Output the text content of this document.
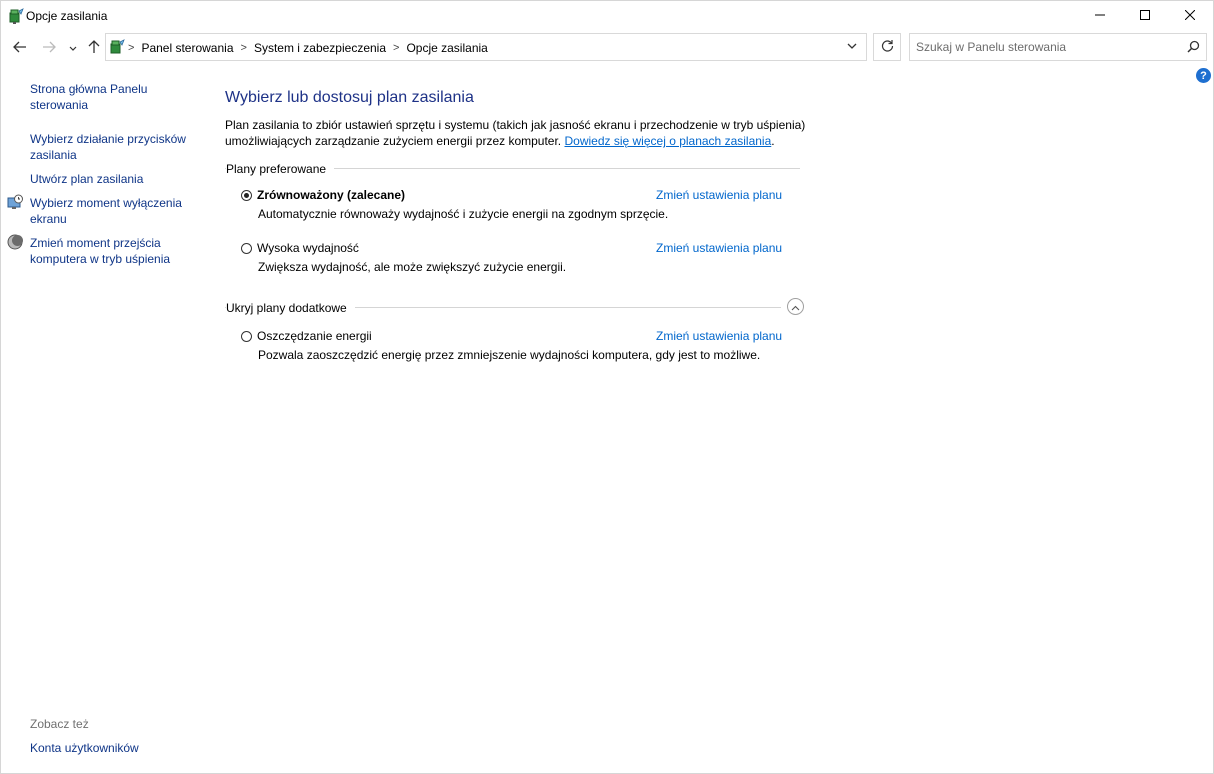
Opcje zasilania
> Panel sterowania > System i zabezpieczenia > Opcje zasilania
Szukaj w Panelu sterowania
?
Strona główna Panelu sterowania
Wybierz działanie przycisków zasilania
Utwórz plan zasilania
Wybierz moment wyłączenia ekranu
Zmień moment przejścia komputera w tryb uśpienia
Zobacz też
Konta użytkowników
Wybierz lub dostosuj plan zasilania
Plan zasilania to zbiór ustawień sprzętu i systemu (takich jak jasność ekranu i przechodzenie w tryb uśpienia) umożliwiających zarządzanie zużyciem energii przez komputer. Dowiedz się więcej o planach zasilania.
Plany preferowane
Zrównoważony (zalecane)
Automatycznie równoważy wydajność i zużycie energii na zgodnym sprzęcie.
Zmień ustawienia planu
Wysoka wydajność
Zwiększa wydajność, ale może zwiększyć zużycie energii.
Zmień ustawienia planu
Ukryj plany dodatkowe
Oszczędzanie energii
Pozwala zaoszczędzić energię przez zmniejszenie wydajności komputera, gdy jest to możliwe.
Zmień ustawienia planu
